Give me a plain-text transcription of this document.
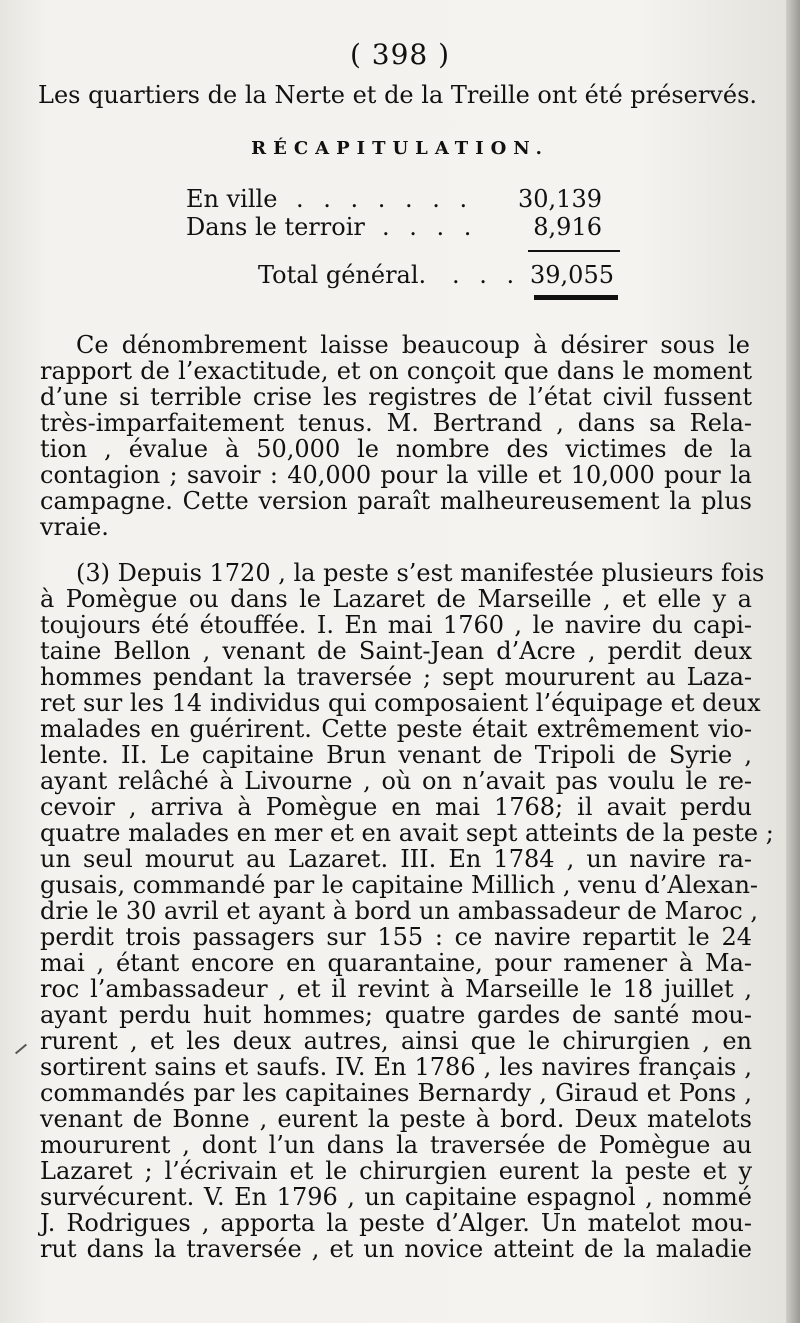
( 398 )
Les quartiers de la Nerte et de la Treille ont été préservés.
RÉCAPITULATION.
En ville . . . . . . .	30,139
Dans le terroir . . . .	8,916
Total général. . . . 39,055
Ce dénombrement laisse beaucoup à désirer sous le
rapport de l’exactitude, et on conçoit que dans le moment
d’une si terrible crise les registres de l’état civil fussent
très-imparfaitement tenus. M. Bertrand , dans sa Rela-
tion , évalue à 50,000 le nombre des victimes de la
contagion ; savoir : 40,000 pour la ville et 10,000 pour la
campagne. Cette version paraît malheureusement la plus
vraie.
(3) Depuis 1720 , la peste s’est manifestée plusieurs fois
à Pomègue ou dans le Lazaret de Marseille , et elle y a
toujours été étouffée. I. En mai 1760 , le navire du capi-
taine Bellon , venant de Saint-Jean d’Acre , perdit deux
hommes pendant la traversée ; sept moururent au Laza-
ret sur les 14 individus qui composaient l’équipage et deux
malades en guérirent. Cette peste était extrêmement vio-
lente. II. Le capitaine Brun venant de Tripoli de Syrie ,
ayant relâché à Livourne , où on n’avait pas voulu le re-
cevoir , arriva à Pomègue en mai 1768; il avait perdu
quatre malades en mer et en avait sept atteints de la peste ;
un seul mourut au Lazaret. III. En 1784 , un navire ra-
gusais, commandé par le capitaine Millich , venu d’Alexan-
drie le 30 avril et ayant à bord un ambassadeur de Maroc ,
perdit trois passagers sur 155 : ce navire repartit le 24
mai , étant encore en quarantaine, pour ramener à Ma-
roc l’ambassadeur , et il revint à Marseille le 18 juillet ,
ayant perdu huit hommes; quatre gardes de santé mou-
rurent , et les deux autres, ainsi que le chirurgien , en
sortirent sains et saufs. IV. En 1786 , les navires français ,
commandés par les capitaines Bernardy , Giraud et Pons ,
venant de Bonne , eurent la peste à bord. Deux matelots
moururent , dont l’un dans la traversée de Pomègue au
Lazaret ; l’écrivain et le chirurgien eurent la peste et y
survécurent. V. En 1796 , un capitaine espagnol , nommé
J. Rodrigues , apporta la peste d’Alger. Un matelot mou-
rut dans la traversée , et un novice atteint de la maladie
